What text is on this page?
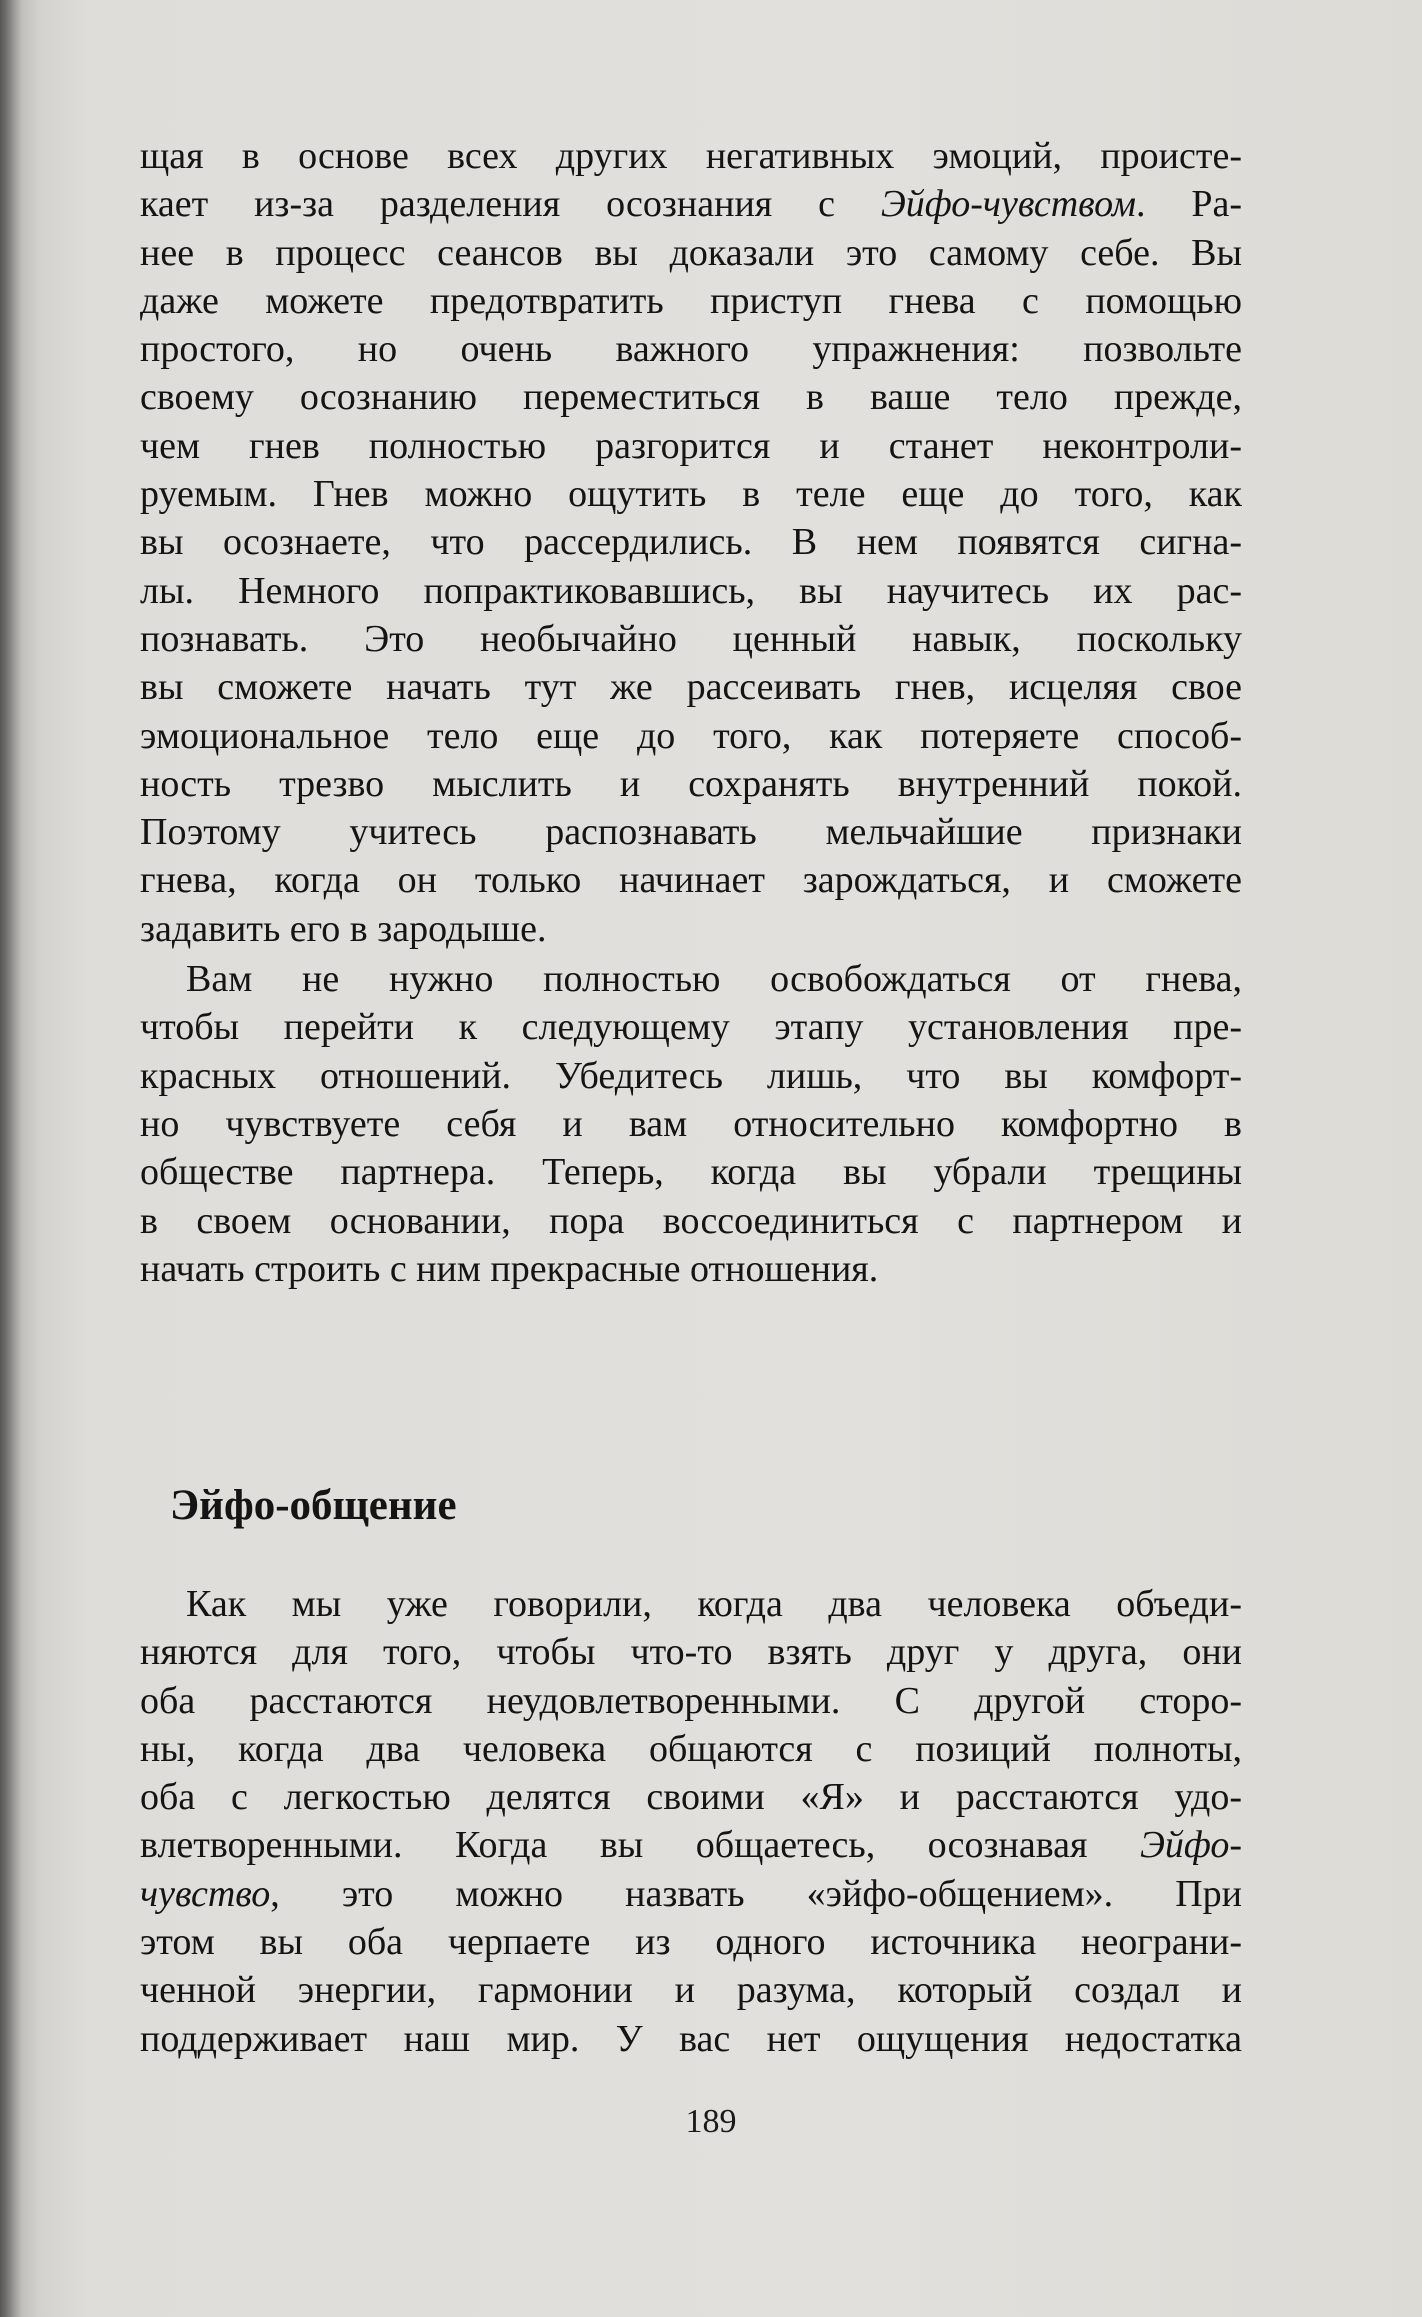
щая в основе всех других негативных эмоций, происте-
кает из-за разделения осознания с Эйфо-чувством. Ра-
нее в процесс сеансов вы доказали это самому себе. Вы
даже можете предотвратить приступ гнева с помощью
простого, но очень важного упражнения: позвольте
своему осознанию переместиться в ваше тело прежде,
чем гнев полностью разгорится и станет неконтроли-
руемым. Гнев можно ощутить в теле еще до того, как
вы осознаете, что рассердились. В нем появятся сигна-
лы. Немного попрактиковавшись, вы научитесь их рас-
познавать. Это необычайно ценный навык, поскольку
вы сможете начать тут же рассеивать гнев, исцеляя свое
эмоциональное тело еще до того, как потеряете способ-
ность трезво мыслить и сохранять внутренний покой.
Поэтому учитесь распознавать мельчайшие признаки
гнева, когда он только начинает зарождаться, и сможете
задавить его в зародыше.
Вам не нужно полностью освобождаться от гнева,
чтобы перейти к следующему этапу установления пре-
красных отношений. Убедитесь лишь, что вы комфорт-
но чувствуете себя и вам относительно комфортно в
обществе партнера. Теперь, когда вы убрали трещины
в своем основании, пора воссоединиться с партнером и
начать строить с ним прекрасные отношения.
Эйфо-общение
Как мы уже говорили, когда два человека объеди-
няются для того, чтобы что-то взять друг у друга, они
оба расстаются неудовлетворенными. С другой сторо-
ны, когда два человека общаются с позиций полноты,
оба с легкостью делятся своими «Я» и расстаются удо-
влетворенными. Когда вы общаетесь, осознавая Эйфо-
чувство, это можно назвать «эйфо-общением». При
этом вы оба черпаете из одного источника неограни-
ченной энергии, гармонии и разума, который создал и
поддерживает наш мир. У вас нет ощущения недостатка
189
